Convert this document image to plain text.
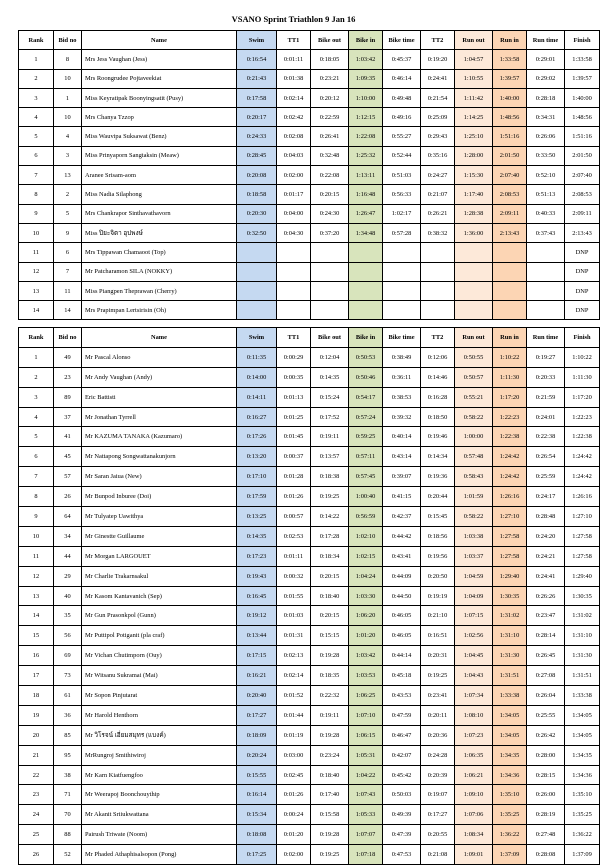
VSANO Sprint Triathlon 9 Jan 16
Rank	Bid no	Name	Swim	TT1	Bike out	Bike in	Bike time	TT2	Run out	Run in	Run time	Finish
1	8	Mrs Jess Vaughan (Jess)	0:16:54	0:01:11	0:18:05	1:03:42	0:45:37	0:19:20	1:04:57	1:33:58	0:29:01	1:33:58
2	10	Mrs Roongrudee Pojtaveekiat	0:21:43	0:01:38	0:23:21	1:09:35	0:46:14	0:24:41	1:10:55	1:39:57	0:29:02	1:39:57
3	1	Miss Keyratipak Boonyingsatit (Pusy)	0:17:58	0:02:14	0:20:12	1:10:00	0:49:48	0:21:54	1:11:42	1:40:00	0:28:18	1:40:00
4	10	Mrs Chanya Tzzop	0:20:17	0:02:42	0:22:59	1:12:15	0:49:16	0:25:09	1:14:25	1:48:56	0:34:31	1:48:56
5	4	Miss Wauvipa Suksawat (Benz)	0:24:33	0:02:08	0:26:41	1:22:08	0:55:27	0:29:43	1:25:10	1:51:16	0:26:06	1:51:16
6	3	Miss Prinyaporn Sangtaksin (Meaw)	0:28:45	0:04:03	0:32:48	1:25:32	0:52:44	0:35:16	1:28:00	2:01:50	0:33:50	2:01:50
7	13	Aranee Srisam-aom	0:20:08	0:02:00	0:22:08	1:13:11	0:51:03	0:24:27	1:15:30	2:07:40	0:52:10	2:07:40
8	2	Miss Nadia Silaphong	0:18:58	0:01:17	0:20:15	1:16:48	0:56:33	0:21:07	1:17:40	2:08:53	0:51:13	2:08:53
9	5	Mrs Chankrapor Sinthavathavorn	0:20:30	0:04:00	0:24:30	1:26:47	1:02:17	0:26:21	1:28:38	2:09:11	0:40:33	2:09:11
10	9	Miss ปิยะจิตา อุปพงษ์	0:32:50	0:04:30	0:37:20	1:34:48	0:57:28	0:38:32	1:36:00	2:13:43	0:37:43	2:13:43
11	6	Mrs Tippawan Chamaoot (Top)										DNP
12	7	Mr Patcharamon SILA (NOKKY)										DNP
13	11	Miss Piangpen Theprawan (Cherry)										DNP
14	14	Mrs Prapimpan Lertsirisin (Oh)										DNP
Rank	Bid no	Name	Swim	TT1	Bike out	Bike in	Bike time	TT2	Run out	Run in	Run time	Finish
1	49	Mr Pascal Alonso	0:11:35	0:00:29	0:12:04	0:50:53	0:38:49	0:12:06	0:50:55	1:10:22	0:19:27	1:10:22
2	23	Mr Andy Vaughan (Andy)	0:14:00	0:00:35	0:14:35	0:50:46	0:36:11	0:14:46	0:50:57	1:11:30	0:20:33	1:11:30
3	89	Eric Battisti	0:14:11	0:01:13	0:15:24	0:54:17	0:38:53	0:16:28	0:55:21	1:17:20	0:21:59	1:17:20
4	37	Mr Jonathan Tyrrell	0:16:27	0:01:25	0:17:52	0:57:24	0:39:32	0:18:50	0:58:22	1:22:23	0:24:01	1:22:23
5	41	Mr KAZUMA TANAKA (Kazumaro)	0:17:26	0:01:45	0:19:11	0:59:25	0:40:14	0:19:46	1:00:00	1:22:38	0:22:38	1:22:38
6	45	Mr Nattapong Songwattanakunjorn	0:13:20	0:00:37	0:13:57	0:57:11	0:43:14	0:14:34	0:57:48	1:24:42	0:26:54	1:24:42
7	57	Mr Saran Jaiua (New)	0:17:10	0:01:28	0:18:38	0:57:45	0:39:07	0:19:36	0:58:43	1:24:42	0:25:59	1:24:42
8	26	Mr Bunpod Inburee (Doi)	0:17:59	0:01:26	0:19:25	1:00:40	0:41:15	0:20:44	1:01:59	1:26:16	0:24:17	1:26:16
9	64	Mr Tulyatep Uawithya	0:13:25	0:00:57	0:14:22	0:56:59	0:42:37	0:15:45	0:58:22	1:27:10	0:28:48	1:27:10
10	34	Mr Ginestte Guillaume	0:14:35	0:02:53	0:17:28	1:02:10	0:44:42	0:18:56	1:03:38	1:27:58	0:24:20	1:27:58
11	44	Mr Morgan LARGOUET	0:17:23	0:01:11	0:18:34	1:02:15	0:43:41	0:19:56	1:03:37	1:27:58	0:24:21	1:27:58
12	29	Mr Charlie Trakarnsakul	0:19:43	0:00:32	0:20:15	1:04:24	0:44:09	0:20:50	1:04:59	1:29:40	0:24:41	1:29:40
13	40	Mr Kasom Kantavanich (Sep)	0:16:45	0:01:55	0:18:40	1:03:30	0:44:50	0:19:19	1:04:09	1:30:35	0:26:26	1:30:35
14	35	Mr Gun Prasonkpol (Gunn)	0:19:12	0:01:03	0:20:15	1:06:20	0:46:05	0:21:10	1:07:15	1:31:02	0:23:47	1:31:02
15	56	Mr Puttipol Potiganit (pla craf)	0:13:44	0:01:31	0:15:15	1:01:20	0:46:05	0:16:51	1:02:56	1:31:10	0:28:14	1:31:10
16	69	Mr Vichan Chutimporn (Ouy)	0:17:15	0:02:13	0:19:28	1:03:42	0:44:14	0:20:31	1:04:45	1:31:30	0:26:45	1:31:30
17	73	Mr Witsanu Sukramai (Mai)	0:16:21	0:02:14	0:18:35	1:03:53	0:45:18	0:19:25	1:04:43	1:31:51	0:27:08	1:31:51
18	61	Mr Sopon Pinjutarat	0:20:40	0:01:52	0:22:32	1:06:25	0:43:53	0:23:41	1:07:34	1:33:38	0:26:04	1:33:38
19	36	Mr Harold Henthorn	0:17:27	0:01:44	0:19:11	1:07:10	0:47:59	0:20:11	1:08:10	1:34:05	0:25:55	1:34:05
20	85	Mr วิโรจน์ เอี่ยมสมุทร (แบงค์)	0:18:09	0:01:19	0:19:28	1:06:15	0:46:47	0:20:36	1:07:23	1:34:05	0:26:42	1:34:05
21	95	MrRungroj Smithiwiroj	0:20:24	0:03:00	0:23:24	1:05:31	0:42:07	0:24:28	1:06:35	1:34:35	0:28:00	1:34:35
22	38	Mr Karn Kiatfuengfoo	0:15:55	0:02:45	0:18:40	1:04:22	0:45:42	0:20:39	1:06:21	1:34:36	0:28:15	1:34:36
23	71	Mr Weerapoj Boonchouythip	0:16:14	0:01:26	0:17:40	1:07:43	0:50:03	0:19:07	1:09:10	1:35:10	0:26:00	1:35:10
24	70	Mr Akanit Sriiukwattana	0:15:34	0:00:24	0:15:58	1:05:33	0:49:39	0:17:27	1:07:06	1:35:25	0:28:19	1:35:25
25	88	Pairush Triwate (Noom)	0:18:08	0:01:20	0:19:28	1:07:07	0:47:39	0:20:55	1:08:34	1:36:22	0:27:48	1:36:22
26	52	Mr Phaded Athaphisalsopon (Pong)	0:17:25	0:02:00	0:19:25	1:07:18	0:47:53	0:21:08	1:09:01	1:37:09	0:28:08	1:37:09
